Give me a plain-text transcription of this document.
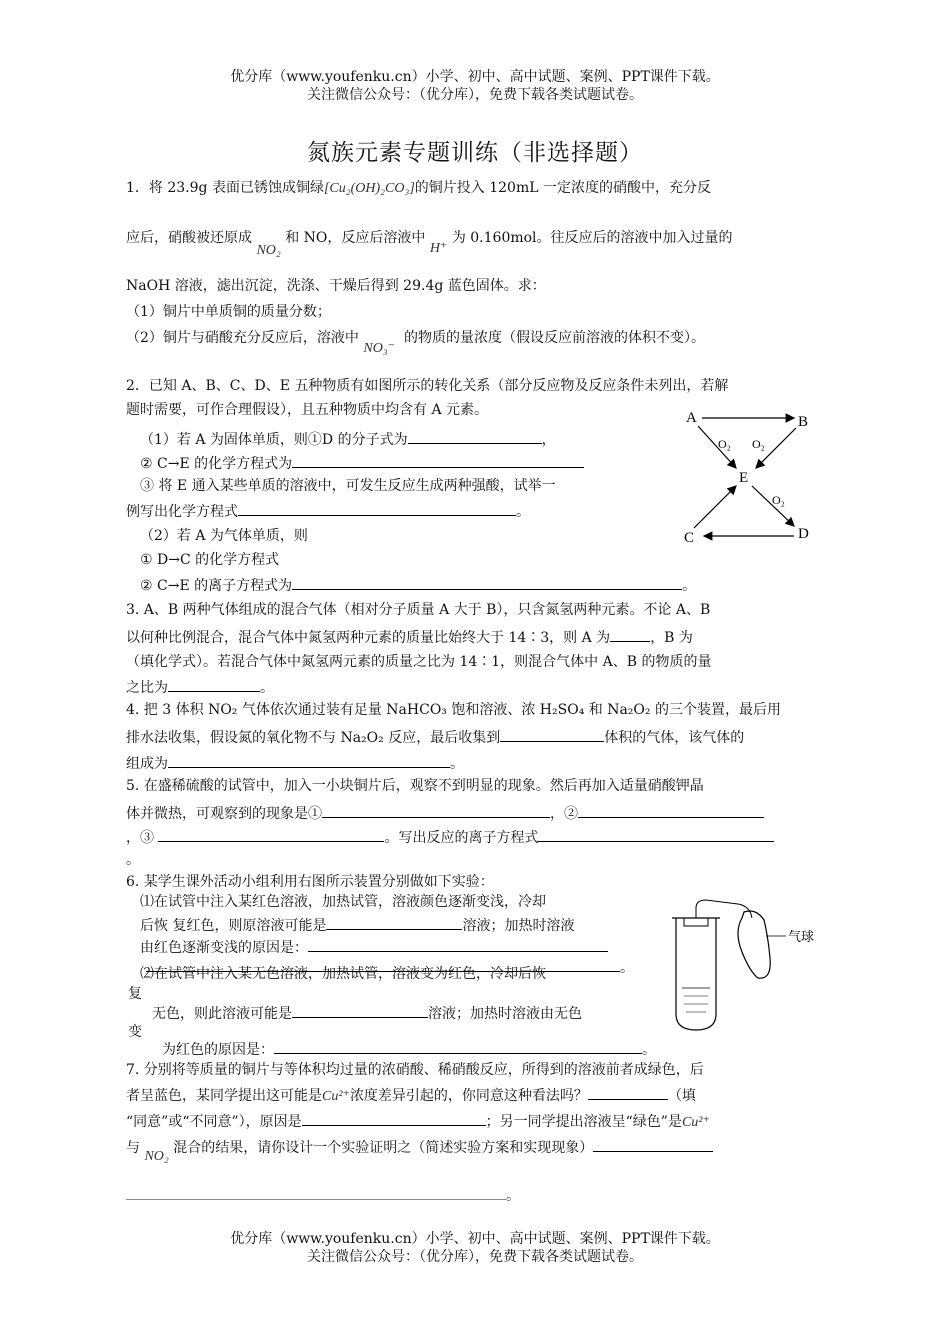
优分库（www.youfenku.cn）小学、初中、高中试题、案例、PPT课件下载。
关注微信公众号：（优分库），免费下载各类试题试卷。
氮族元素专题训练（非选择题）
1．将 23.9g 表面已锈蚀成铜绿[Cu₂(OH)₂CO₃]的铜片投入 120mL 一定浓度的硝酸中，充分反
应后，硝酸被还原成 NO₂ 和 NO，反应后溶液中 H⁺ 为 0.160mol。往反应后的溶液中加入过量的
NaOH 溶液，滤出沉淀，洗涤、干燥后得到 29.4g 蓝色固体。求：
（1）铜片中单质铜的质量分数；
（2）铜片与硝酸充分反应后，溶液中 NO₃⁻  的物质的量浓度（假设反应前溶液的体积不变）。
2．已知 A、B、C、D、E 五种物质有如图所示的转化关系（部分反应物及反应条件未列出，若解
题时需要，可作合理假设），且五种物质中均含有 A 元素。
（1）若 A 为固体单质，则①D 的分子式为	，
② C→E 的化学方程式为
③ 将 E 通入某些单质的溶液中，可发生反应生成两种强酸，试举一
例写出化学方程式	。
（2）若 A 为气体单质，则
① D→C 的化学方程式
② C→E 的离子方程式为	。
A	B
E
C	D
O₂ O₂
O₂
3. A、B 两种气体组成的混合气体（相对分子质量 A 大于 B），只含氮氢两种元素。不论 A、B
以何种比例混合，混合气体中氮氢两种元素的质量比始终大于 14∶3，则 A 为	，B 为
（填化学式）。若混合气体中氮氢两元素的质量之比为 14∶1，则混合气体中 A、B 的物质的量
之比为	。
4. 把 3 体积 NO₂ 气体依次通过装有足量 NaHCO₃ 饱和溶液、浓 H₂SO₄ 和 Na₂O₂ 的三个装置，最后用
排水法收集，假设氮的氧化物不与 Na₂O₂ 反应，最后收集到	体积的气体，该气体的
组成为	。
5. 在盛稀硫酸的试管中，加入一小块铜片后，观察不到明显的现象。然后再加入适量硝酸钾晶
体并微热，可观察到的现象是①	，②
，③	。写出反应的离子方程式
。
6. 某学生课外活动小组利用右图所示装置分别做如下实验：
⑴在试管中注入某红色溶液，加热试管，溶液颜色逐渐变浅，冷却
后恢 复红色，则原溶液可能是	溶液；加热时溶液
由红色逐渐变浅的原因是：
。
⑵在试管中注入某无色溶液，加热试管，溶液变为红色，冷却后恢
复
无色，则此溶液可能是	溶液；加热时溶液由无色
变
为红色的原因是：	。
气球
7. 分别将等质量的铜片与等体积均过量的浓硝酸、稀硝酸反应，所得到的溶液前者成绿色，后
者呈蓝色，某同学提出这可能是Cu²⁺浓度差异引起的，你同意这种看法吗？	（填
“同意”或“不同意”），原因是	；另一同学提出溶液呈“绿色”是Cu²⁺
与 NO₂ 混合的结果，请你设计一个实验证明之（简述实验方案和实现现象）
。
优分库（www.youfenku.cn）小学、初中、高中试题、案例、PPT课件下载。
关注微信公众号：（优分库），免费下载各类试题试卷。
